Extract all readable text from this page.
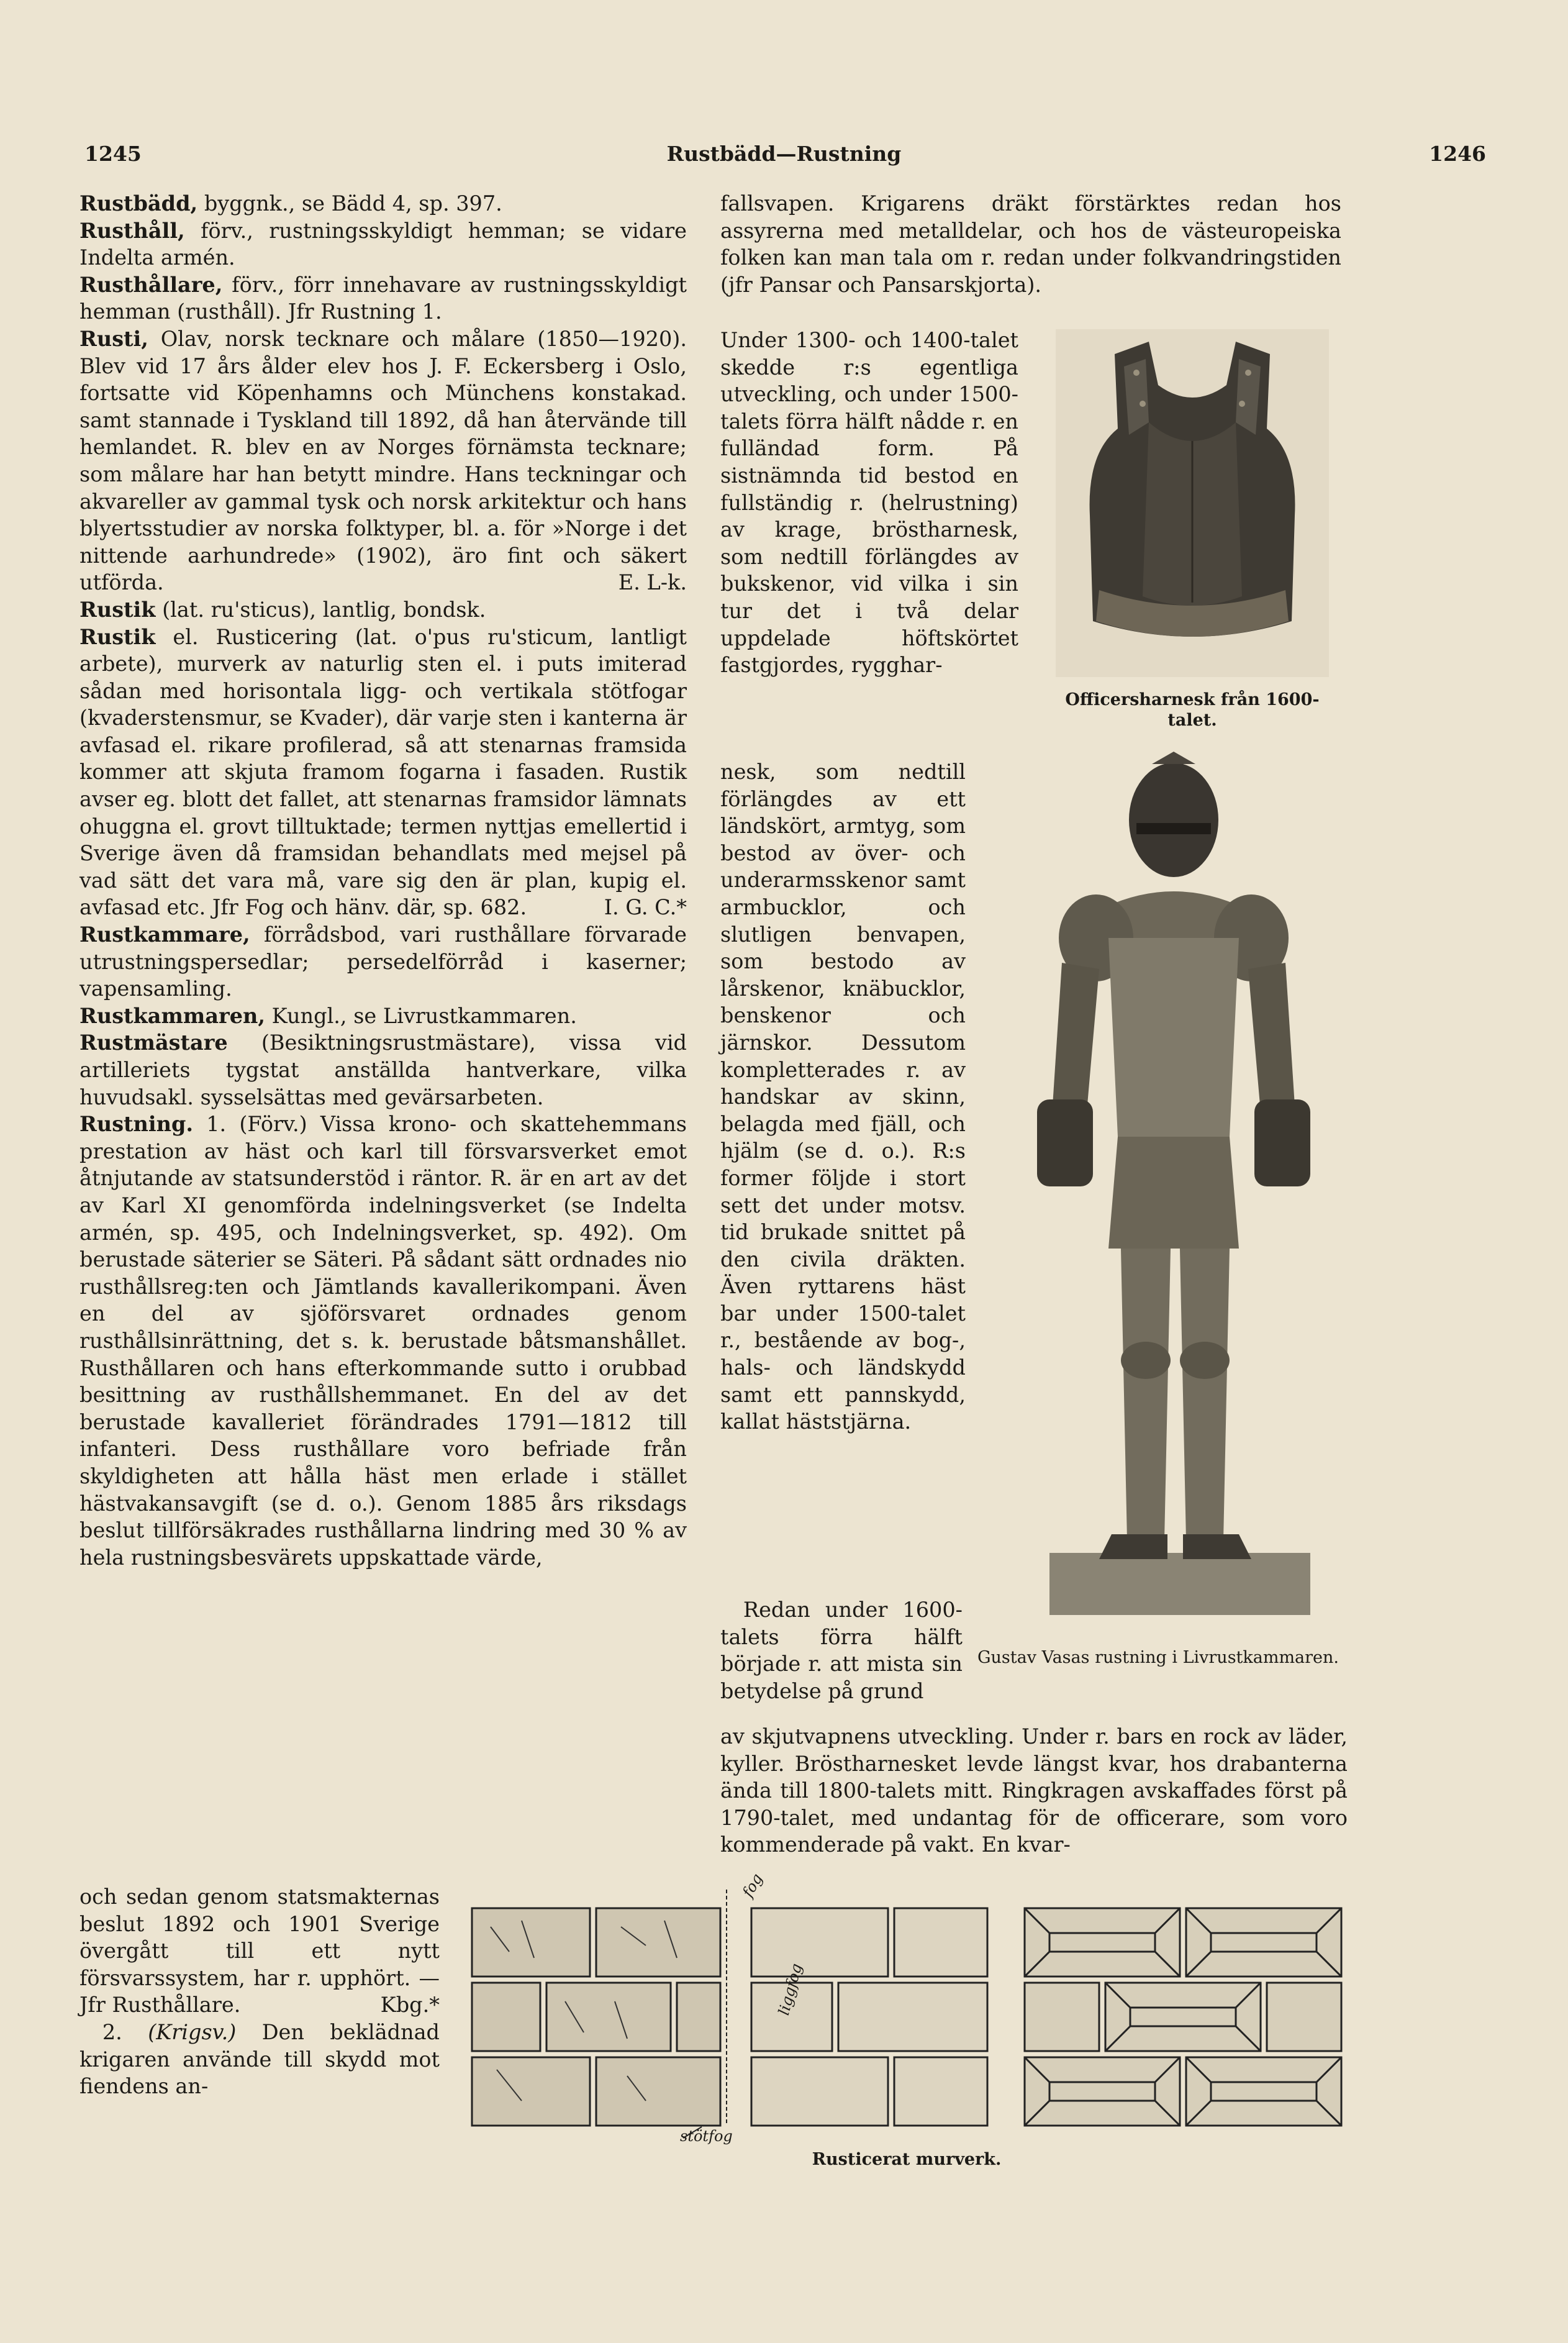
1245	Rustbädd—Rustning	1246

Rustbädd, byggnk., se Bädd 4, sp. 397.

Rusthåll, förv., rustningsskyldigt hemman; se vidare Indelta armén.

Rusthållare, förv., förr innehavare av rustningsskyldigt hemman (rusthåll). Jfr Rustning 1.

Rusti, Olav, norsk tecknare och målare (1850—1920). Blev vid 17 års ålder elev hos J. F. Eckersberg i Oslo, fortsatte vid Köpenhamns och Münchens konstakad. samt stannade i Tyskland till 1892, då han återvände till hemlandet. R. blev en av Norges förnämsta tecknare; som målare har han betytt mindre. Hans teckningar och akvareller av gammal tysk och norsk arkitektur och hans blyertsstudier av norska folktyper, bl. a. för »Norge i det nittende aarhundrede» (1902), äro fint och säkert utförda.	E. L-k.

Rustik (lat. ru'sticus), lantlig, bondsk.

Rustik el. Rusticering (lat. o'pus ru'sticum, lantligt arbete), murverk av naturlig sten el. i puts imiterad sådan med horisontala ligg- och vertikala stötfogar (kvaderstensmur, se Kvader), där varje sten i kanterna är avfasad el. rikare profilerad, så att stenarnas framsida kommer att skjuta framom fogarna i fasaden. Rustik avser eg. blott det fallet, att stenarnas framsidor lämnats ohuggna el. grovt tilltuktade; termen nyttjas emellertid i Sverige även då framsidan behandlats med mejsel på vad sätt det vara må, vare sig den är plan, kupig el. avfasad etc. Jfr Fog och hänv. där, sp. 682.	I. G. C.*

Rustkammare, förrådsbod, vari rusthållare förvarade utrustningspersedlar; persedelförråd i kaserner; vapensamling.

Rustkammaren, Kungl., se Livrustkammaren.

Rustmästare (Besiktningsrustmästare), vissa vid artilleriets tygstat anställda hantverkare, vilka huvudsakl. sysselsättas med gevärsarbeten.

Rustning. 1. (Förv.) Vissa krono- och skattehemmans prestation av häst och karl till försvarsverket emot åtnjutande av statsunderstöd i räntor. R. är en art av det av Karl XI genomförda indelningsverket (se Indelta armén, sp. 495, och Indelningsverket, sp. 492). Om berustade säterier se Säteri. På sådant sätt ordnades nio rusthållsreg:ten och Jämtlands kavallerikompani. Även en del av sjöförsvaret ordnades genom rusthållsinrättning, det s. k. berustade båtsmanshållet. Rusthållaren och hans efterkommande sutto i orubbad besittning av rusthållshemmanet. En del av det berustade kavalleriet förändrades 1791—1812 till infanteri. Dess rusthållare voro befriade från skyldigheten att hålla häst men erlade i stället hästvakansavgift (se d. o.). Genom 1885 års riksdags beslut tillförsäkrades rusthållarna lindring med 30 % av hela rustningsbesvärets uppskattade värde,

och sedan genom statsmakternas beslut 1892 och 1901 Sverige övergått till ett nytt försvarssystem, har r. upphört. — Jfr Rusthållare.	Kbg.*

2. (Krigsv.) Den beklädnad krigaren använde till skydd mot fiendens an-

fallsvapen. Krigarens dräkt förstärktes redan hos assyrerna med metalldelar, och hos de västeuropeiska folken kan man tala om r. redan under folkvandringstiden (jfr Pansar och Pansarskjorta).

Under 1300- och 1400-talet skedde r:s egentliga utveckling, och under 1500-talets förra hälft nådde r. en fulländad form. På sistnämnda tid bestod en fullständig r. (helrustning) av krage, bröstharnesk, som nedtill förlängdes av bukskenor, vid vilka i sin tur det i två delar uppdelade höftskörtet fastgjordes, rygghar-

nesk, som nedtill förlängdes av ett ländskört, armtyg, som bestod av över- och underarmsskenor samt armbucklor, och slutligen benvapen, som bestodo av lårskenor, knäbucklor, benskenor och järnskor. Dessutom kompletterades r. av handskar av skinn, belagda med fjäll, och hjälm (se d. o.). R:s former följde i stort sett det under motsv. tid brukade snittet på den civila dräkten. Även ryttarens häst bar under 1500-talet r., bestående av bog-, hals- och ländskydd samt ett pannskydd, kallat häststjärna.

Redan under 1600-talets förra hälft började r. att mista sin betydelse på grund

av skjutvapnens utveckling. Under r. bars en rock av läder, kyller. Bröstharnesket levde längst kvar, hos drabanterna ända till 1800-talets mitt. Ringkragen avskaffades först på 1790-talet, med undantag för de officerare, som voro kommenderade på vakt. En kvar-

Officersharnesk från 1600-talet.
Gustav Vasas rustning i Livrustkammaren.
fog
liggfog
stötfog
Rusticerat murverk.
